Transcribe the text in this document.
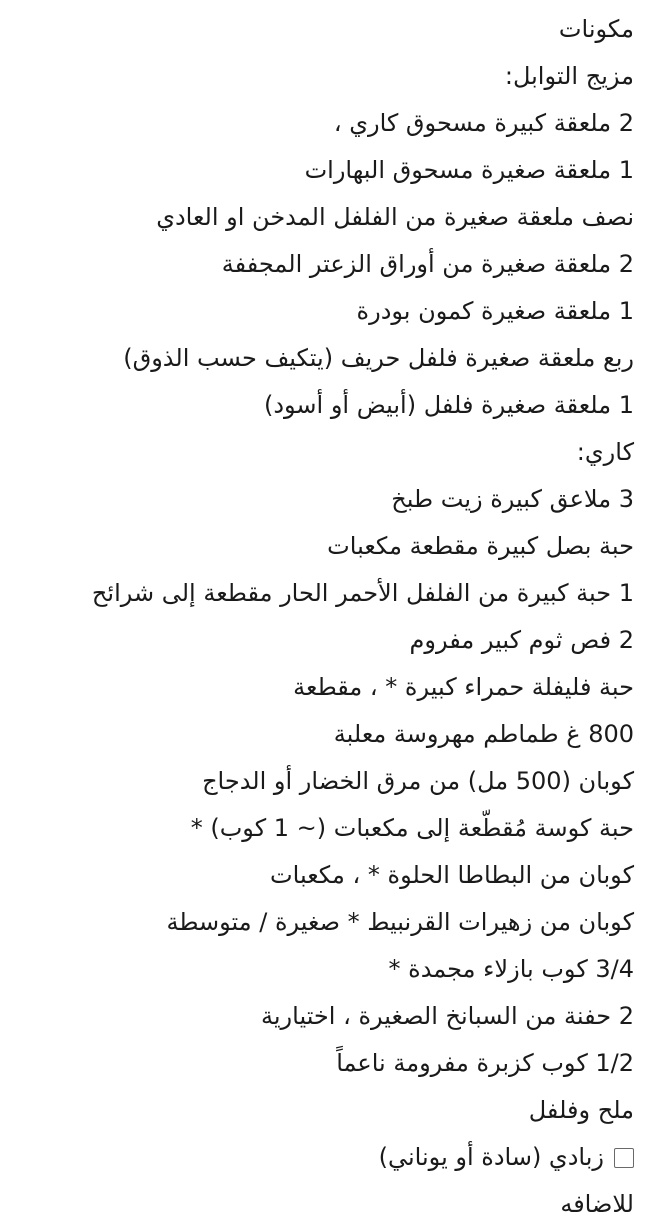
مكونات
مزيج التوابل:
2 ملعقة كبيرة مسحوق كاري ،
1 ملعقة صغيرة مسحوق البهارات
نصف ملعقة صغيرة من الفلفل المدخن او العادي
2 ملعقة صغيرة من أوراق الزعتر المجففة
1 ملعقة صغيرة كمون بودرة
ربع ملعقة صغيرة فلفل حريف (يتكيف حسب الذوق)
1 ملعقة صغيرة فلفل (أبيض أو أسود)
كاري:
3 ملاعق كبيرة زيت طبخ
حبة بصل كبيرة مقطعة مكعبات
1 حبة كبيرة من الفلفل الأحمر الحار مقطعة إلى شرائح
2 فص ثوم كبير مفروم
حبة فليفلة حمراء كبيرة * ، مقطعة
800 غ طماطم مهروسة معلبة
كوبان (500 مل) من مرق الخضار أو الدجاج
حبة كوسة مُقطّعة إلى مكعبات (~ 1 كوب) *
كوبان من البطاطا الحلوة * ، مكعبات
كوبان من زهيرات القرنبيط * صغيرة / متوسطة
3/4 كوب بازلاء مجمدة *
2 حفنة من السبانخ الصغيرة ، اختيارية
1/2 كوب كزبرة مفرومة ناعماً
ملح وفلفل
زبادي (سادة أو يوناني)
للاضافه
